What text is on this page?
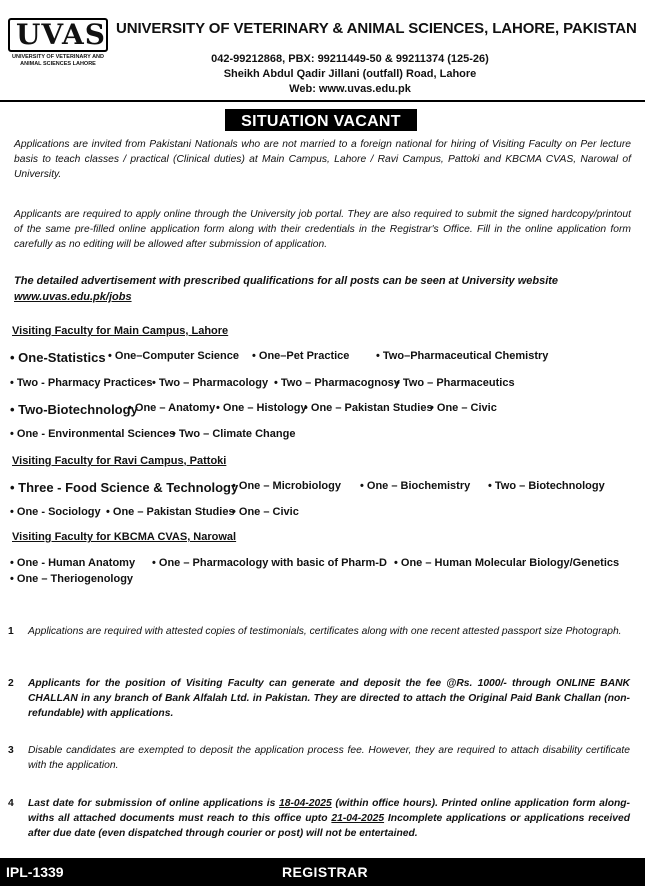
UVAS
UNIVERSITY OF VETERINARY AND ANIMAL SCIENCES LAHORE
UNIVERSITY OF VETERINARY & ANIMAL SCIENCES, LAHORE, PAKISTAN
042-99212868, PBX: 99211449-50 & 99211374 (125-26)
Sheikh Abdul Qadir Jillani (outfall) Road, Lahore
Web: www.uvas.edu.pk
SITUATION VACANT
Applications are invited from Pakistani Nationals who are not married to a foreign national for hiring of Visiting Faculty on Per lecture basis to teach classes / practical (Clinical duties) at Main Campus, Lahore / Ravi Campus, Pattoki and KBCMA CVAS, Narowal of University.
Applicants are required to apply online through the University job portal. They are also required to submit the signed hardcopy/printout of the same pre-filled online application form along with their credentials in the Registrar's Office. Fill in the online application form carefully as no editing will be allowed after submission of application.
The detailed advertisement with prescribed qualifications for all posts can be seen at University website
www.uvas.edu.pk/jobs
Visiting Faculty for Main Campus, Lahore
• One-Statistics • One–Computer Science • One–Pet Practice • Two–Pharmaceutical Chemistry
• Two - Pharmacy Practices • Two – Pharmacology • Two – Pharmacognosy
• Two – Pharmaceutics
• Two-Biotechnology
• One – Anatomy • One – Histology
• One – Pakistan Studies
• One – Civic
• One - Environmental Sciences
• Two – Climate Change
Visiting Faculty for Ravi Campus, Pattoki
• Three - Food Science & Technology
• One – Microbiology • One – Biochemistry • Two – Biotechnology
• One - Sociology • One – Pakistan Studies
• One – Civic
Visiting Faculty for KBCMA CVAS, Narowal
• One - Human Anatomy • One – Pharmacology with basic of Pharm-D • One – Human Molecular Biology/Genetics
• One – Theriogenology
1 Applications are required with attested copies of testimonials, certificates along with one recent attested passport size Photograph.
2 Applicants for the position of Visiting Faculty can generate and deposit the fee @Rs. 1000/- through ONLINE BANK CHALLAN in any branch of Bank Alfalah Ltd. in Pakistan. They are directed to attach the Original Paid Bank Challan (non-refundable) with applications.
3 Disable candidates are exempted to deposit the application process fee. However, they are required to attach disability certificate with the application.
4 Last date for submission of online applications is 18-04-2025 (within office hours). Printed online application form along-withs all attached documents must reach to this office upto 21-04-2025 Incomplete applications or applications received after due date (even dispatched through courier or post) will not be entertained.
IPL-1339	REGISTRAR
